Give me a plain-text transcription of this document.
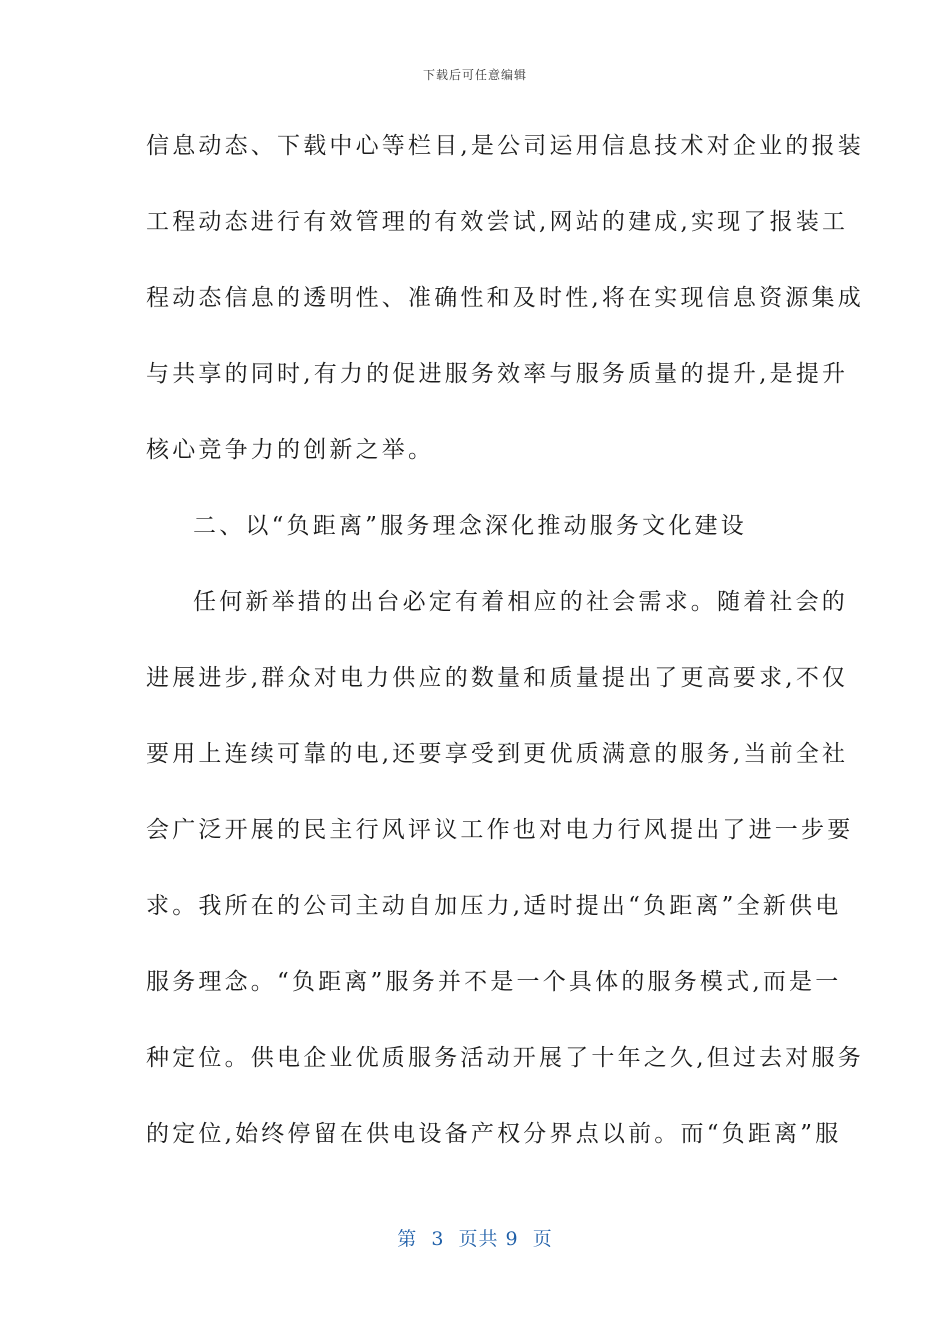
下载后可任意编辑
信息动态、下载中心等栏目,是公司运用信息技术对企业的报装
工程动态进行有效管理的有效尝试,网站的建成,实现了报装工
程动态信息的透明性、准确性和及时性,将在实现信息资源集成
与共享的同时,有力的促进服务效率与服务质量的提升,是提升
核心竞争力的创新之举。
二、以“负距离”服务理念深化推动服务文化建设
任何新举措的出台必定有着相应的社会需求。随着社会的
进展进步,群众对电力供应的数量和质量提出了更高要求,不仅
要用上连续可靠的电,还要享受到更优质满意的服务,当前全社
会广泛开展的民主行风评议工作也对电力行风提出了进一步要
求。我所在的公司主动自加压力,适时提出“负距离”全新供电
服务理念。“负距离”服务并不是一个具体的服务模式,而是一
种定位。供电企业优质服务活动开展了十年之久,但过去对服务
的定位,始终停留在供电设备产权分界点以前。而“负距离”服
第  3  页共 9  页
